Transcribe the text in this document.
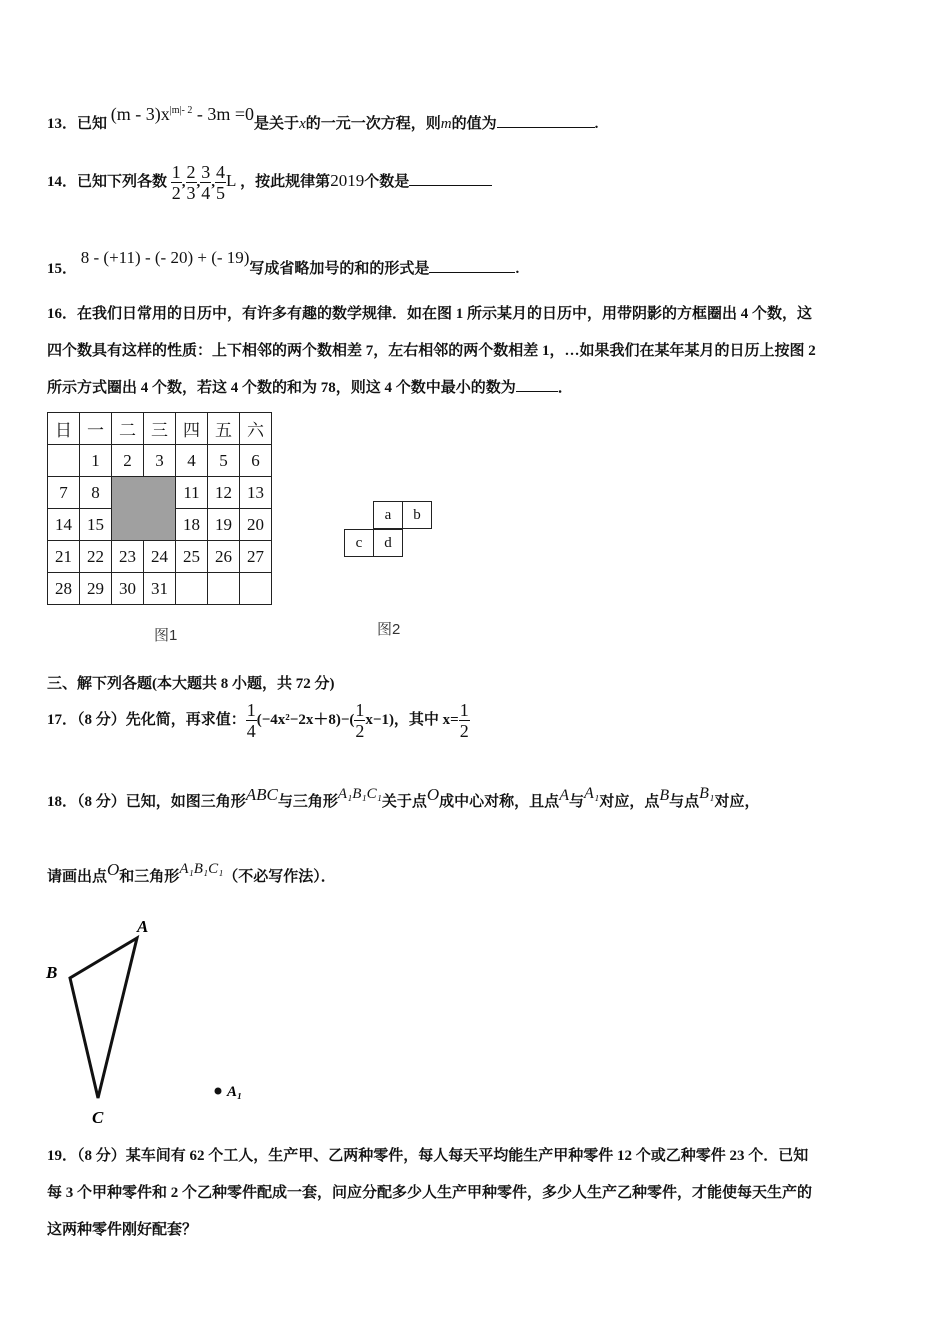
13．已知 $(m - 3)x^{|m|- 2} - 3m =0$是关于x的一元一次方程，则m的值为	.
14．已知下列各数 $\frac{1}{2}$ , $\frac{2}{3}$ , $\frac{3}{4}$ , $\frac{4}{5}$ L ，按此规律第2019个数是
15． 8 - (+11) - (- 20) + (- 19)写成省略加号的和的形式是	.
16．在我们日常用的日历中，有许多有趣的数学规律．如在图 1 所示某月的日历中，用带阴影的方框圈出 4 个数，这
四个数具有这样的性质：上下相邻的两个数相差 7，左右相邻的两个数相差 1，…如果我们在某年某月的日历上按图 2
所示方式圈出 4 个数，若这 4 个数的和为 78，则这 4 个数中最小的数为	．
日	一	二	三	四	五	六
	1	2	3	4	5	6
7	8			11	12	13
14	15			18	19	20
21	22	23	24	25	26	27
28	29	30	31			
图1
a	b
c	d
图2
三、解下列各题(本大题共 8 小题，共 72 分)
17．（8 分）先化简，再求值： $\frac{1}{4} (-4x^2-2x+8)-( \frac{1}{2} x-1)$，其中 $x= \frac{1}{2}$
18．（8 分）已知，如图三角形ABC与三角形A₁B₁C₁关于点O成中心对称，且点A与A₁对应，点B与点B₁对应，
请画出点O和三角形A₁B₁C₁（不必写作法）．
A
B
C
A₁
19．（8 分）某车间有 62 个工人，生产甲、乙两种零件，每人每天平均能生产甲种零件 12 个或乙种零件 23 个．已知
每 3 个甲种零件和 2 个乙种零件配成一套，问应分配多少人生产甲种零件，多少人生产乙种零件，才能使每天生产的
这两种零件刚好配套？
